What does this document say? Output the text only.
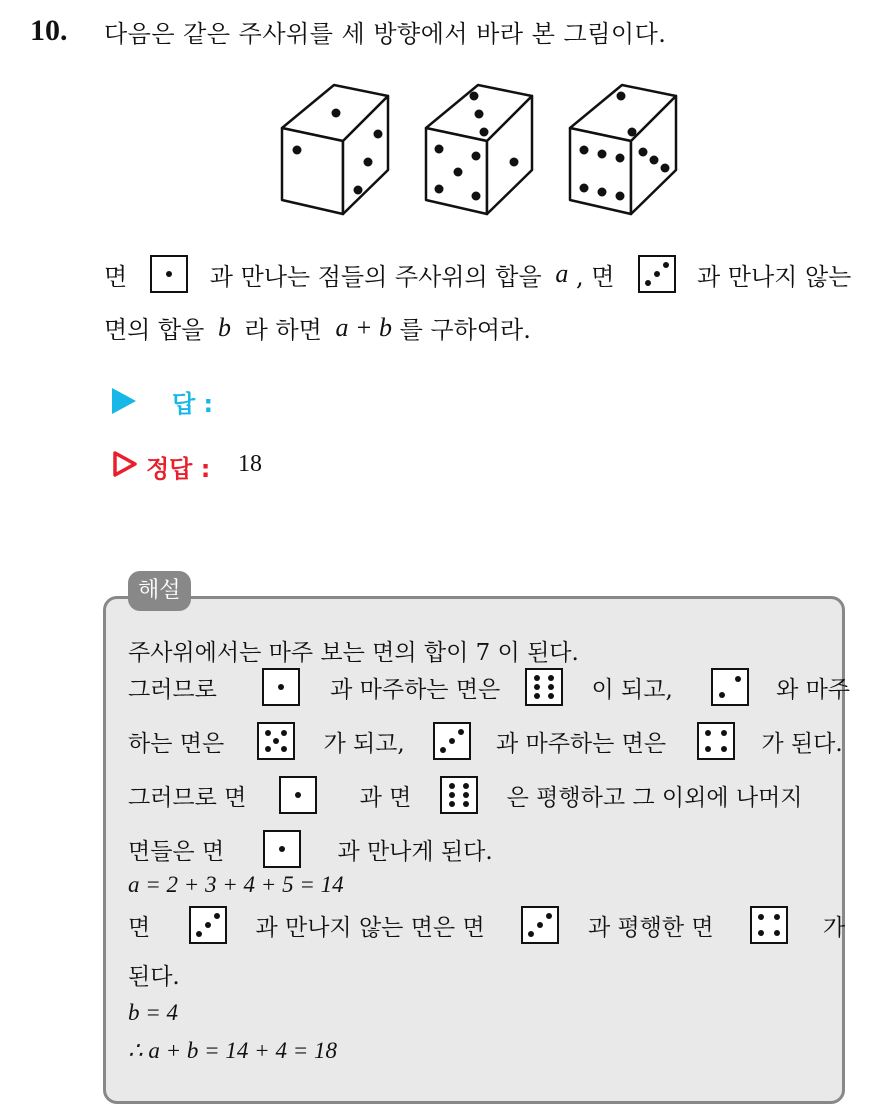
10. 다음은 같은 주사위를 세 방향에서 바라 본 그림이다.
면	과 만나는 점들의 주사위의 합을 a , 면	과 만나지 않는
면의 합을 b 라 하면 a + b 를 구하여라.
답 :
정답 : 18
해설
주사위에서는 마주 보는 면의 합이 7 이 된다.
그러므로	과 마주하는 면은	이 되고,	와 마주
하는 면은	가 되고,	과 마주하는 면은	가 된다.
그러므로 면	과 면	은 평행하고 그 이외에 나머지
면들은 면	과 만나게 된다.
a = 2 + 3 + 4 + 5 = 14
면	과 만나지 않는 면은 면	과 평행한 면	가
된다.
b = 4
∴ a + b = 14 + 4 = 18
